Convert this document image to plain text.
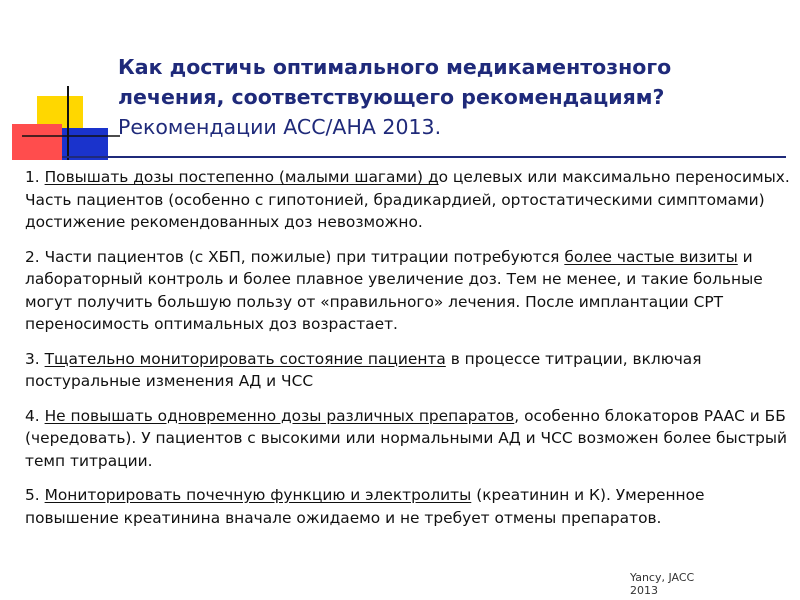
Как достичь оптимального медикаментозного
лечения, соответствующего рекомендациям?
Рекомендации ACC/AHA 2013.

1. Повышать дозы постепенно (малыми шагами) до целевых или максимально переносимых. Часть пациентов (особенно с гипотонией, брадикардией, ортостатическими симптомами) достижение рекомендованных доз невозможно.

2. Части пациентов (с ХБП, пожилые) при титрации потребуются более частые визиты и лабораторный контроль и более плавное увеличение доз. Тем не менее, и такие больные могут получить большую пользу от «правильного» лечения. После имплантации СРТ переносимость оптимальных доз возрастает.

3. Тщательно мониторировать состояние пациента в процессе титрации, включая постуральные изменения АД и ЧСС

4. Не повышать одновременно дозы различных препаратов, особенно блокаторов РААС и ББ (чередовать). У пациентов с высокими или нормальными АД и ЧСС возможен более быстрый темп титрации.

5. Мониторировать почечную функцию и электролиты (креатинин и К). Умеренное повышение креатинина вначале ожидаемо и не требует отмены препаратов.

Yancy, JACC
2013
